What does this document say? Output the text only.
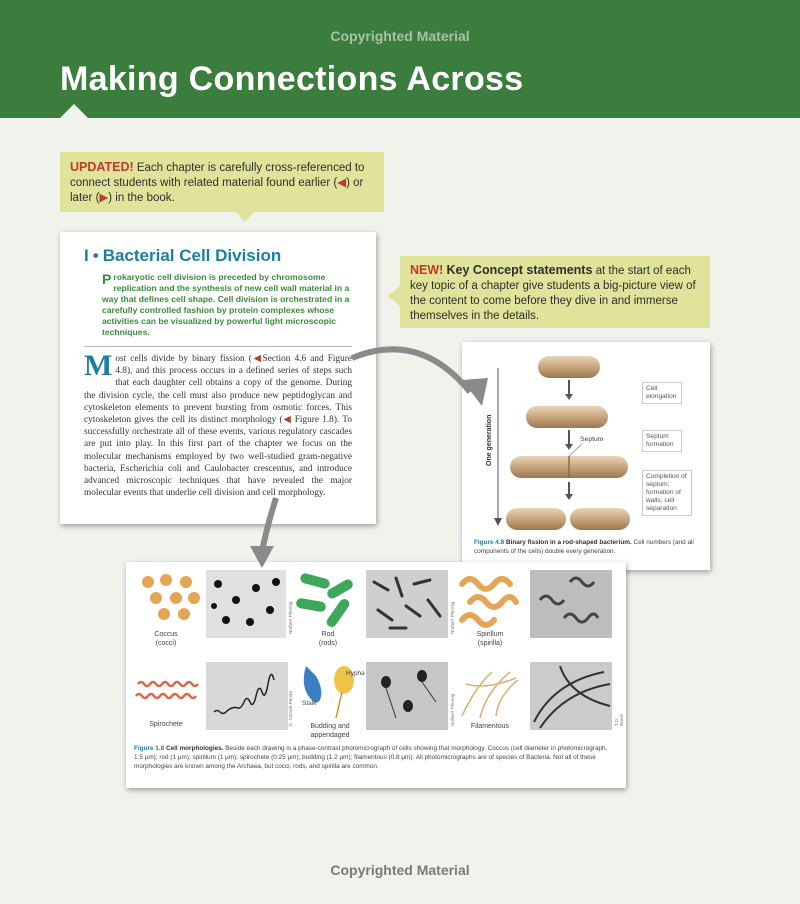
Copyrighted Material
Making Connections Across
UPDATED! Each chapter is carefully cross-referenced to connect students with related material found earlier (◀) or later (▶) in the book.
I • Bacterial Cell Division
Prokaryotic cell division is preceded by chromosome replication and the synthesis of new cell wall material in a way that defines cell shape. Cell division is orchestrated in a carefully controlled fashion by protein complexes whose activities can be visualized by powerful light microscopic techniques.
Most cells divide by binary fission (◀Section 4.6 and Figure 4.8), and this process occurs in a defined series of steps such that each daughter cell obtains a copy of the genome. During the division cycle, the cell must also produce new peptidoglycan and cytoskeleton elements to prevent bursting from osmotic forces. This cytoskeleton gives the cell its distinct morphology (◀ Figure 1.8). To successfully orchestrate all of these events, various regulatory cascades are put into play. In this first part of the chapter we focus on the molecular mechanisms employed by two well-studied gram-negative bacteria, Escherichia coli and Caulobacter crescentus, and introduce advanced microscopic techniques that have revealed the major molecular events that underlie cell division and cell morphology.
NEW! Key Concept statements at the start of each key topic of a chapter give students a big-picture view of the content to come before they dive in and immerse themselves in the details.
One generation	Septum
Cell elongation
Septum formation
Completion of septum; formation of walls; cell separation
Figure 4.8 Binary fission in a rod-shaped bacterium. Cell numbers (and all components of the cells) double every generation.
Coccus
(cocci)
Rod
(rods)
Spirillum
(spirilla)
Stalk
Hypha
Spirochete	Budding and
appendaged
Filamentous
Norbert Pfennig	Norbert Pfennig
E. Canale-Parola	Norbert Pfennig	T.D. Brock
Figure 1.8 Cell morphologies. Beside each drawing is a phase-contrast photomicrograph of cells showing that morphology. Coccus (cell diameter in photomicrograph, 1.5 μm); rod (1 μm); spirillum (1 μm); spirochete (0.25 μm); budding (1.2 μm); filamentous (0.8 μm). All photomicrographs are of species of Bacteria. Not all of these morphologies are known among the Archaea, but cocci, rods, and spirilla are common.
Copyrighted Material
